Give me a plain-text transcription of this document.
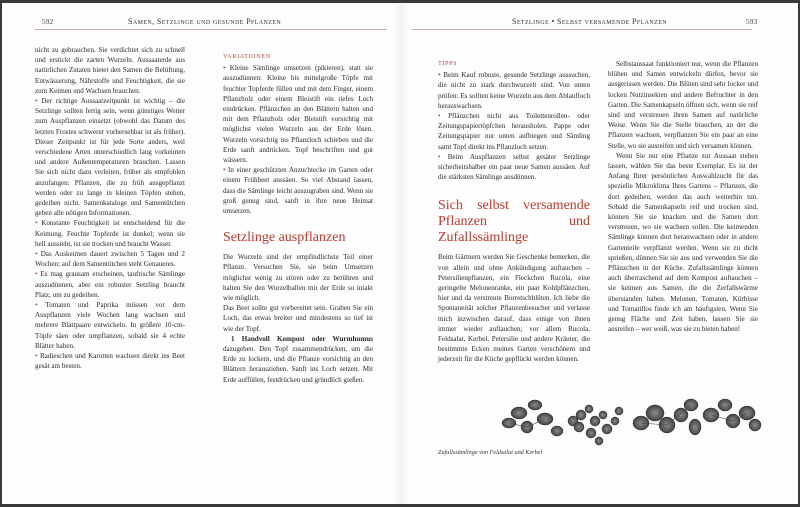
592	Samen, Setzlinge und gesunde Pflanzen

nicht zu gebrauchen. Sie verdichtet sich zu schnell und erstickt die zarten Wurzeln. Aussaaterde aus natürlichen Zutaten bietet den Samen die Belüftung, Entwässerung, Nährstoffe und Feuchtigkeit, die sie zum Keimen und Wachsen brauchen.

• Der richtige Aussaatzeitpunkt ist wichtig – die Setzlinge sollten fertig sein, wenn günstiges Wetter zum Auspflanzen einsetzt (obwohl das Datum des letzten Frostes schwerer vorhersehbar ist als früher). Dieser Zeitpunkt ist für jede Sorte anders, weil verschiedene Arten unterschiedlich lang vorkeimen und andere Außentemperaturen brauchen. Lassen Sie sich nicht dazu verleiten, früher als empfohlen anzufangen: Pflanzen, die zu früh ausgepflanzt werden oder zu lange in kleinen Töpfen stehen, gedeihen nicht. Samenkataloge und Samentütchen geben alle nötigen Informationen.

• Konstante Feuchtigkeit ist entscheidend für die Keimung. Feuchte Topferde ist dunkel; wenn sie hell aussieht, ist sie trocken und braucht Wasser.

• Das Auskeimen dauert zwischen 5 Tagen und 2 Wochen; auf dem Samentütchen steht Genaueres.

• Es mag grausam erscheinen, taufrische Sämlinge auszudünnen, aber ein robuster Setzling braucht Platz, um zu gedeihen.

• Tomaten und Paprika müssen vor dem Auspflanzen viele Wochen lang wachsen und mehrere Blattpaare entwickeln. In größere 10-cm-Töpfe säen oder umpflanzen, sobald sie 4 echte Blätter haben.

• Radieschen und Karotten wachsen direkt ins Beet gesät am besten.

VARIATIONEN

• Kleine Sämlinge umsetzen (pikieren), statt sie auszudünnen: Kleine bis mittelgroße Töpfe mit feuchter Topferde füllen und mit dem Finger, einem Pflanzholz oder einem Bleistift ein tiefes Loch eindrücken. Pflänzchen an den Blättern halten und mit dem Pflanzholz oder Bleistift vorsichtig mit möglichst vielen Wurzeln aus der Erde lösen. Wurzeln vorsichtig ins Pflanzloch schieben und die Erde sanft andrücken. Topf beschriften und gut wässern.

• In einer geschützten Anzuchtecke im Garten oder einem Frühbeet aussäen. So viel Abstand lassen, dass die Sämlinge leicht auszugraben sind. Wenn sie groß genug sind, sanft in ihre neue Heimat umsetzen.

Setzlinge auspflanzen

Die Wurzeln sind der empfindlichste Teil einer Pflanze. Versuchen Sie, sie beim Umsetzen möglichst wenig zu stören oder zu berühren und halten Sie den Wurzelballen mit der Erde so intakt wie möglich.

Das Beet sollte gut vorbereitet sein. Graben Sie ein Loch, das etwas breiter und mindestens so tief ist wie der Topf.

1 Handvoll Kompost oder Wurmhumus dazugeben. Den Topf zusammendrücken, um die Erde zu lockern, und die Pflanze vorsichtig an den Blättern herausziehen. Sanft ins Loch setzen. Mit Erde auffüllen, festdrücken und gründlich gießen.

Setzlinge • Selbst versamende Pflanzen	593
TIPPS

• Beim Kauf robuste, gesunde Setzlinge aussuchen, die nicht zu stark durchwurzelt sind. Von unten prüfen: Es sollten keine Wurzeln aus dem Ablaufloch herauswachsen.

• Pflänzchen nicht aus Toilettenrollen- oder Zeitungspapiertöpfchen herausholen. Pappe oder Zeitungspapier nur unten aufbiegen und Sämling samt Topf direkt ins Pflanzloch setzen.

• Beim Auspflanzen selbst gesäter Setzlinge sicherheitshalber ein paar neue Samen aussäen. Auf die stärksten Sämlinge ausdünnen.

Sich selbst versamende Pflanzen und Zufallssämlinge

Beim Gärtnern werden Sie Geschenke bemerken, die von allein und ohne Ankündigung auftauchen – Petersilienpflanzen, ein Fleckchen Rucola, eine geringelte Melonenranke, ein paar Kohlpflänzchen, hier und da verstreute Borretschblüten. Ich liebe die Spontaneität solcher Pflanzenbesucher und verlasse mich inzwischen darauf, dass einige von ihnen immer wieder auftauchen; vor allem Rucola, Feldsalat, Kerbel, Petersilie und andere Kräuter, die bestimmte Ecken meines Garten verschönern und jederzeit für die Küche gepflückt werden können.

Selbstaussaat funktioniert nur, wenn die Pflanzen blühen und Samen entwickeln dürfen, bevor sie ausgerissen werden. Die Blüten sind sehr locker und locken Nutzinsekten und andere Befruchter in den Garten. Die Samenkapseln öffnen sich, wenn sie reif sind und verstreuen ihren Samen auf natürliche Weise. Wenn Sie die Stelle brauchen, an der die Pflanzen wachsen, verpflanzen Sie ein paar an eine Stelle, wo sie ausreifen und sich versamen können.

Wenn Sie nur eine Pflanze zur Aussaat stehen lassen, wählen Sie das beste Exemplar. Es ist der Anfang Ihrer persönlichen Auswahlzucht für das spezielle Mikroklima Ihres Gartens – Pflanzen, die dort gedeihen, werden das auch weiterhin tun. Sobald die Samenkapseln reif und trocken sind, können Sie sie knacken und die Samen dort verstreuen, wo sie wachsen sollen. Die keimenden Sämlinge können dort heranwachsen oder in andere Gartenteile verpflanzt werden. Wenn sie zu dicht sprießen, dünnen Sie sie aus und verwenden Sie die Pflänzchen in der Küche. Zufallssämlinge können auch überraschend auf dem Kompost auftauchen – sie keimen aus Samen, die die Zerfallswärme überstanden haben. Melonen, Tomaten, Kürbisse und Tomatillos finde ich am häufigsten. Wenn Sie genug Fläche und Zeit haben, lassen Sie sie ausreifen – wer weiß, was sie zu bieten haben!

Zufallssämlinge von Feldsalat und Kerbel
